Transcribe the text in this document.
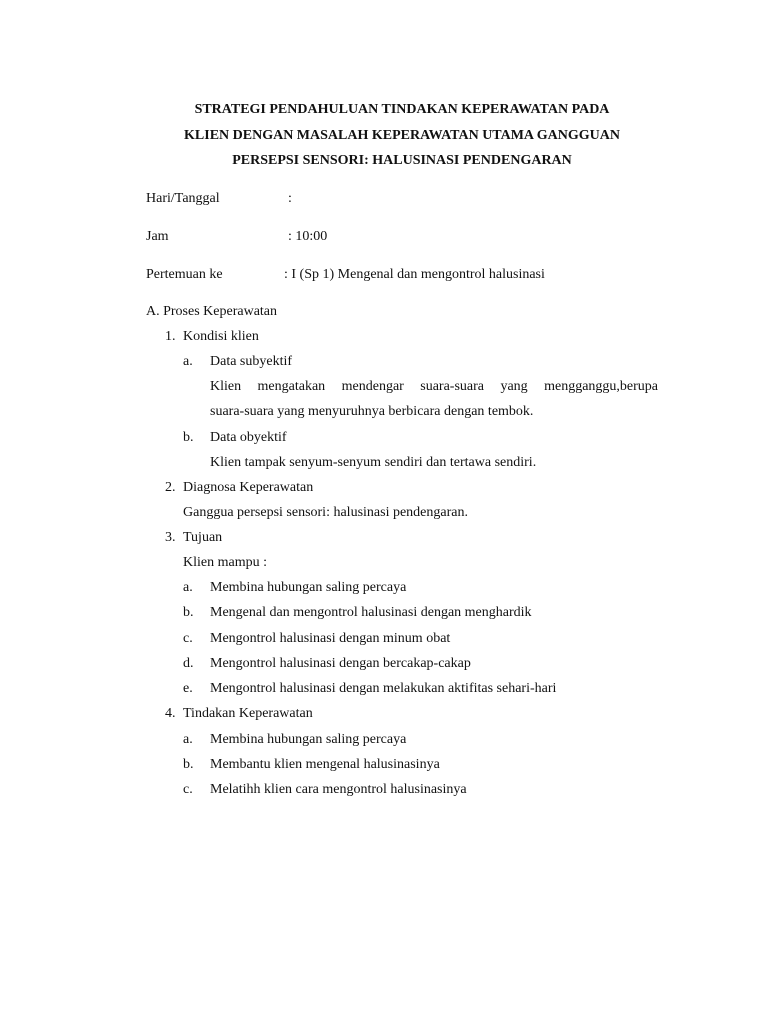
STRATEGI PENDAHULUAN TINDAKAN KEPERAWATAN PADA
KLIEN DENGAN MASALAH KEPERAWATAN UTAMA GANGGUAN
PERSEPSI SENSORI: HALUSINASI PENDENGARAN
Hari/Tanggal	:
Jam	: 10:00
Pertemuan ke	: I (Sp 1) Mengenal dan mengontrol halusinasi
A. Proses Keperawatan
1. Kondisi klien
a. Data subyektif
Klien mengatakan mendengar suara-suara yang mengganggu,berupa
suara-suara yang menyuruhnya berbicara dengan tembok.
b. Data obyektif
Klien tampak senyum-senyum sendiri dan tertawa sendiri.
2. Diagnosa Keperawatan
Ganggua persepsi sensori: halusinasi pendengaran.
3. Tujuan
Klien mampu :
a. Membina hubungan saling percaya
b. Mengenal dan mengontrol halusinasi dengan menghardik
c. Mengontrol halusinasi dengan minum obat
d. Mengontrol halusinasi dengan bercakap-cakap
e. Mengontrol halusinasi dengan melakukan aktifitas sehari-hari
4. Tindakan Keperawatan
a. Membina hubungan saling percaya
b. Membantu klien mengenal halusinasinya
c. Melatihh klien cara mengontrol halusinasinya
